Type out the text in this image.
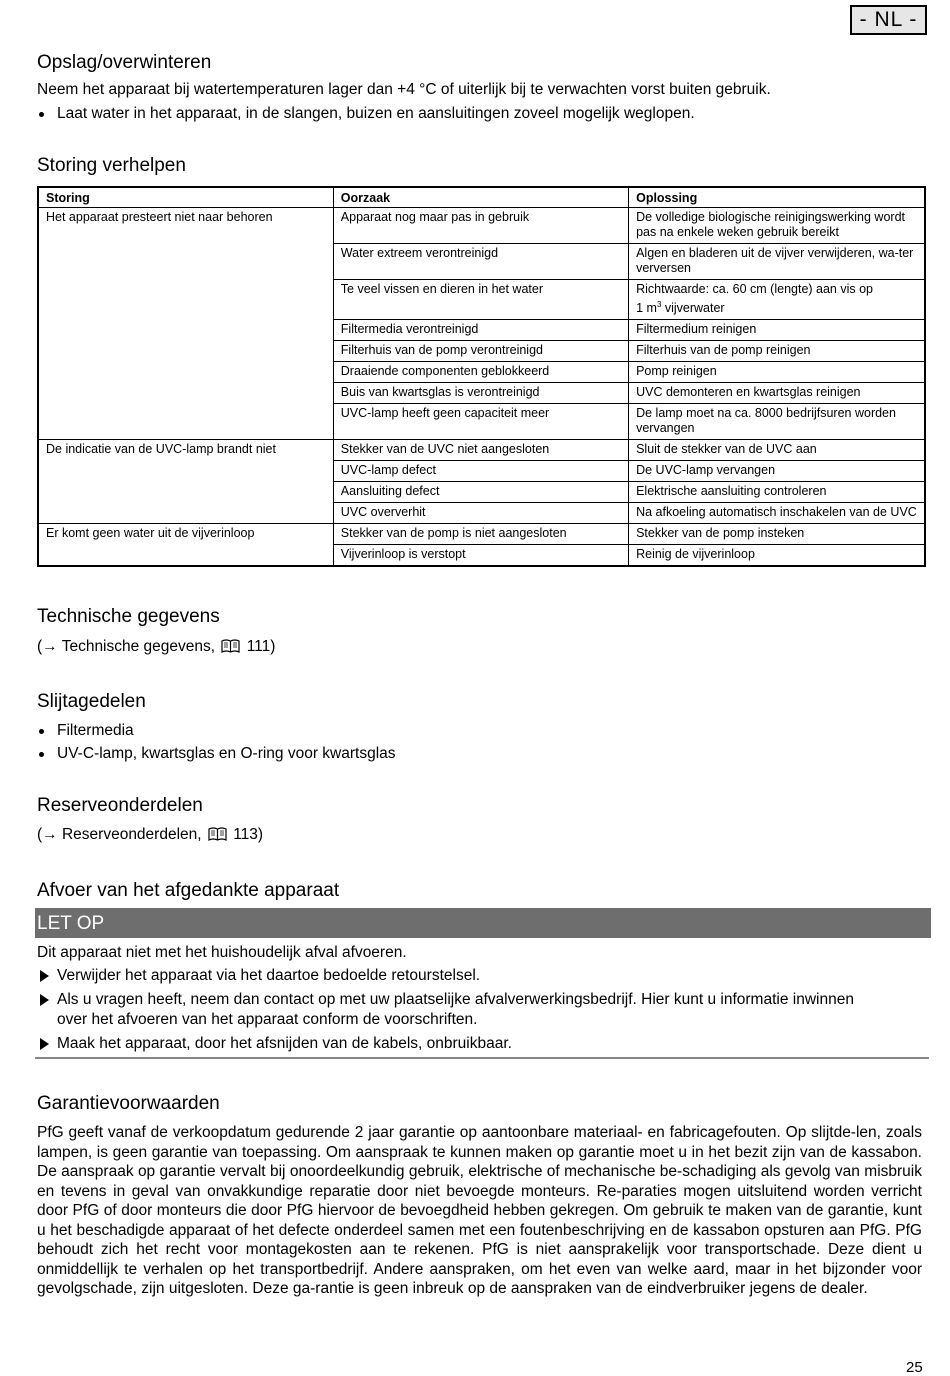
- NL -
Opslag/overwinteren

Neem het apparaat bij watertemperaturen lager dan +4 °C of uiterlijk bij te verwachten vorst buiten gebruik.

Laat water in het apparaat, in de slangen, buizen en aansluitingen zoveel mogelijk weglopen.
Storing verhelpen
Storing	Oorzaak	Oplossing
Het apparaat presteert niet naar behoren	Apparaat nog maar pas in gebruik	De volledige biologische reinigingswerking wordt pas na enkele weken gebruik bereikt
	Water extreem verontreinigd	Algen en bladeren uit de vijver verwijderen, wa-ter verversen
	Te veel vissen en dieren in het water	Richtwaarde: ca. 60 cm (lengte) aan vis op
1 $m^3$ vijverwater
	Filtermedia verontreinigd	Filtermedium reinigen
	Filterhuis van de pomp verontreinigd	Filterhuis van de pomp reinigen
	Draaiende componenten geblokkeerd	Pomp reinigen
	Buis van kwartsglas is verontreinigd	UVC demonteren en kwartsglas reinigen
	UVC-lamp heeft geen capaciteit meer	De lamp moet na ca. 8000 bedrijfsuren worden vervangen
De indicatie van de UVC-lamp brandt niet	Stekker van de UVC niet aangesloten	Sluit de stekker van de UVC aan
	UVC-lamp defect	De UVC-lamp vervangen
	Aansluiting defect	Elektrische aansluiting controleren
	UVC oververhit	Na afkoeling automatisch inschakelen van de UVC
Er komt geen water uit de vijverinloop	Stekker van de pomp is niet aangesloten	Stekker van de pomp insteken
	Vijverinloop is verstopt	Reinig de vijverinloop
Technische gegevens

(→ Technische gegevens,  111)

Slijtagedelen
Filtermedia
UV-C-lamp, kwartsglas en O-ring voor kwartsglas
Reserveonderdelen

(→ Reserveonderdelen,  113)

Afvoer van het afgedankte apparaat
LET OP

Dit apparaat niet met het huishoudelijk afval afvoeren.

Verwijder het apparaat via het daartoe bedoelde retourstelsel.
Als u vragen heeft, neem dan contact op met uw plaatselijke afvalverwerkingsbedrijf. Hier kunt u informatie inwinnen
over het afvoeren van het apparaat conform de voorschriften.
Maak het apparaat, door het afsnijden van de kabels, onbruikbaar.
Garantievoorwaarden

PfG geeft vanaf de verkoopdatum gedurende 2 jaar garantie op aantoonbare materiaal- en fabricagefouten. Op slijtde-len, zoals lampen, is geen garantie van toepassing. Om aanspraak te kunnen maken op garantie moet u in het bezit zijn van de kassabon. De aanspraak op garantie vervalt bij onoordeelkundig gebruik, elektrische of mechanische be-schadiging als gevolg van misbruik en tevens in geval van onvakkundige reparatie door niet bevoegde monteurs. Re-paraties mogen uitsluitend worden verricht door PfG of door monteurs die door PfG hiervoor de bevoegdheid hebben gekregen. Om gebruik te maken van de garantie, kunt u het beschadigde apparaat of het defecte onderdeel samen met een foutenbeschrijving en de kassabon opsturen aan PfG. PfG behoudt zich het recht voor montagekosten aan te rekenen. PfG is niet aansprakelijk voor transportschade. Deze dient u onmiddellijk te verhalen op het transportbedrijf. Andere aanspraken, om het even van welke aard, maar in het bijzonder voor gevolgschade, zijn uitgesloten. Deze ga-rantie is geen inbreuk op de aanspraken van de eindverbruiker jegens de dealer.

25
